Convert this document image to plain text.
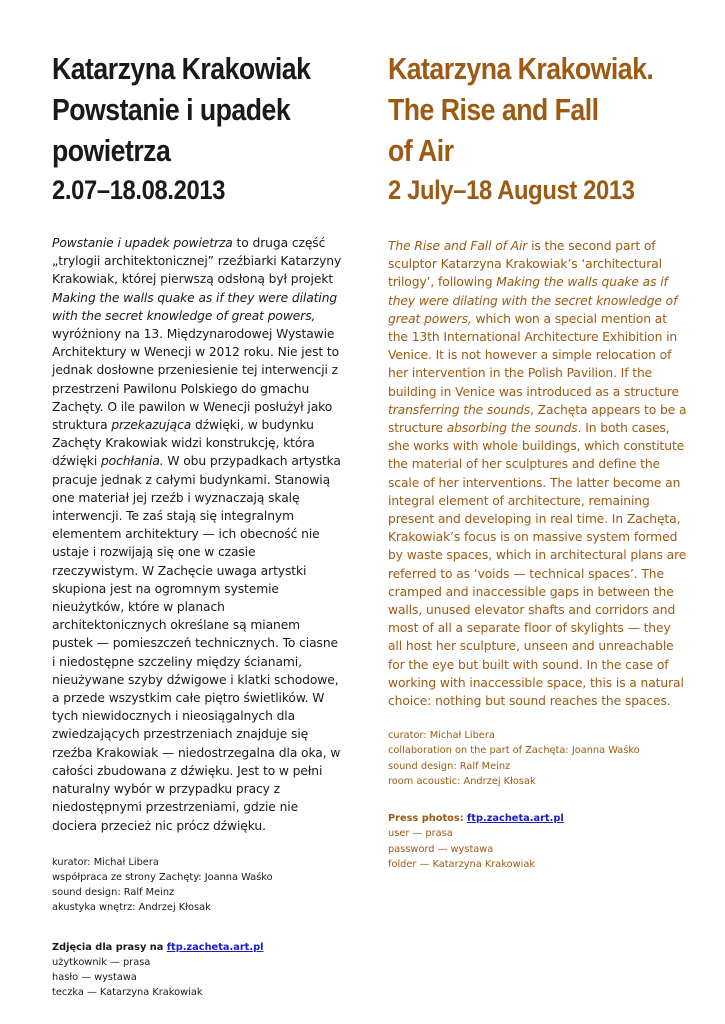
Katarzyna Krakowiak
Powstanie i upadek
powietrza
2.07–18.08.2013

Powstanie i upadek powietrza to druga część „trylogii architektonicznej” rzeźbiarki Katarzyny Krakowiak, której pierwszą odsłoną był projekt Making the walls quake as if they were dilating with the secret knowledge of great powers, wyróżniony na 13. Międzynarodowej Wystawie Architektury w Wenecji w 2012 roku. Nie jest to jednak dosłowne przeniesienie tej interwencji z przestrzeni Pawilonu Polskiego do gmachu Zachęty. O ile pawilon w Wenecji posłużył jako struktura przekazująca dźwięki, w budynku Zachęty Krakowiak widzi konstrukcję, która dźwięki pochłania. W obu przypadkach artystka pracuje jednak z całymi budynkami. Stanowią one materiał jej rzeźb i wyznaczają skalę interwencji. Te zaś stają się integralnym elementem architektury — ich obecność nie ustaje i rozwijają się one w czasie rzeczywistym. W Zachęcie uwaga artystki skupiona jest na ogromnym systemie nieużytków, które w planach architektonicznych określane są mianem pustek — pomieszczeń technicznych. To ciasne i niedostępne szczeliny między ścianami, nieużywane szyby dźwigowe i klatki schodowe, a przede wszystkim całe piętro świetlików. W tych niewidocznych i nieosiągalnych dla zwiedzających przestrzeniach znajduje się rzeźba Krakowiak — niedostrzegalna dla oka, w całości zbudowana z dźwięku. Jest to w pełni naturalny wybór w przypadku pracy z niedostępnymi przestrzeniami, gdzie nie dociera przecież nic prócz dźwięku.

kurator: Michał Libera
współpraca ze strony Zachęty: Joanna Waśko
sound design: Ralf Meinz
akustyka wnętrz: Andrzej Kłosak
Zdjęcia dla prasy na ftp.zacheta.art.pl
użytkownik — prasa
hasło — wystawa
teczka — Katarzyna Krakowiak
Katarzyna Krakowiak.
The Rise and Fall
of Air
2 July–18 August 2013

The Rise and Fall of Air is the second part of sculptor Katarzyna Krakowiak’s ‘architectural trilogy’, following Making the walls quake as if they were dilating with the secret knowledge of great powers, which won a special mention at the 13th International Architecture Exhibition in Venice. It is not however a simple relocation of her intervention in the Polish Pavilion. If the building in Venice was introduced as a structure transferring the sounds, Zachęta appears to be a structure absorbing the sounds. In both cases, she works with whole buildings, which constitute the material of her sculptures and define the scale of her interventions. The latter become an integral element of architecture, remaining present and developing in real time. In Zachęta, Krakowiak’s focus is on massive system formed by waste spaces, which in architectural plans are referred to as ‘voids — technical spaces’. The cramped and inaccessible gaps in between the walls, unused elevator shafts and corridors and most of all a separate floor of skylights — they all host her sculpture, unseen and unreachable for the eye but built with sound. In the case of working with inaccessible space, this is a natural choice: nothing but sound reaches the spaces.

curator: Michał Libera
collaboration on the part of Zachęta: Joanna Waśko
sound design: Ralf Meinz
room acoustic: Andrzej Kłosak
Press photos: ftp.zacheta.art.pl
user — prasa
password — wystawa
folder — Katarzyna Krakowiak
